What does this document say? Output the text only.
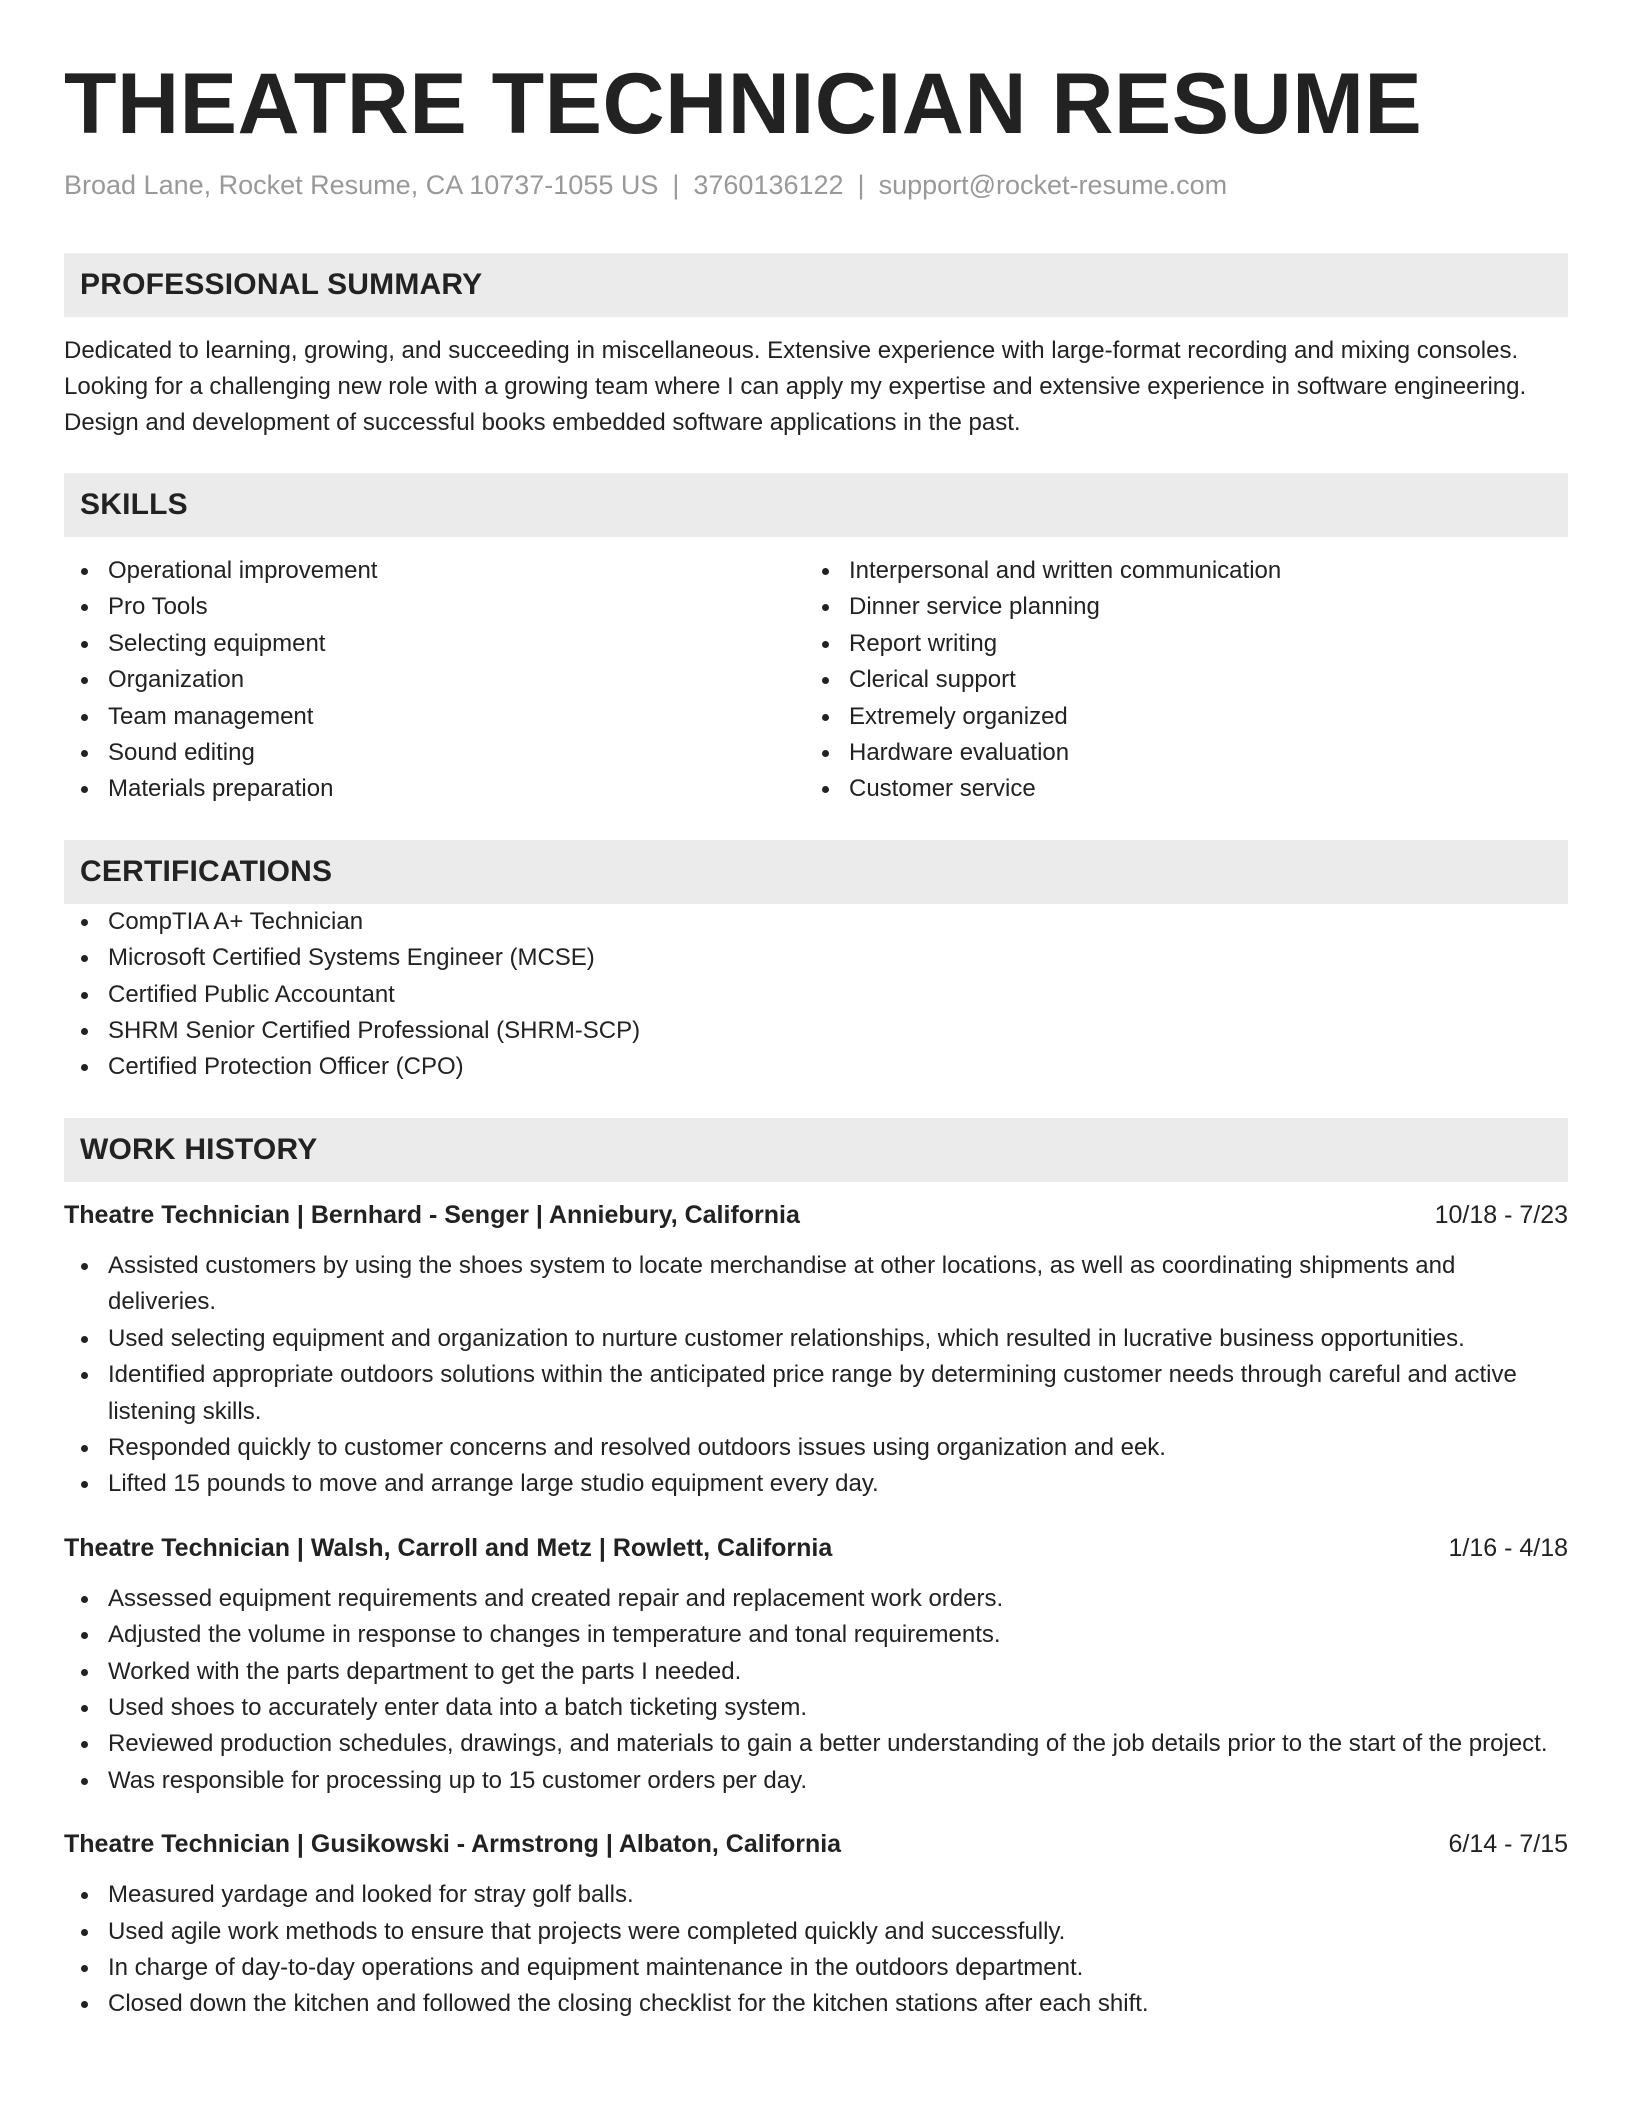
THEATRE TECHNICIAN RESUME
Broad Lane, Rocket Resume, CA 10737-1055 US | 3760136122 | support@rocket-resume.com
PROFESSIONAL SUMMARY
Dedicated to learning, growing, and succeeding in miscellaneous. Extensive experience with large-format recording and mixing consoles. Looking for a challenging new role with a growing team where I can apply my expertise and extensive experience in software engineering. Design and development of successful books embedded software applications in the past.
SKILLS
Operational improvement
Pro Tools
Selecting equipment
Organization
Team management
Sound editing
Materials preparation
Interpersonal and written communication
Dinner service planning
Report writing
Clerical support
Extremely organized
Hardware evaluation
Customer service
CERTIFICATIONS
CompTIA A+ Technician
Microsoft Certified Systems Engineer (MCSE)
Certified Public Accountant
SHRM Senior Certified Professional (SHRM-SCP)
Certified Protection Officer (CPO)
WORK HISTORY
Theatre Technician | Bernhard - Senger | Anniebury, California	10/18 - 7/23
Assisted customers by using the shoes system to locate merchandise at other locations, as well as coordinating shipments and deliveries.
Used selecting equipment and organization to nurture customer relationships, which resulted in lucrative business opportunities.
Identified appropriate outdoors solutions within the anticipated price range by determining customer needs through careful and active listening skills.
Responded quickly to customer concerns and resolved outdoors issues using organization and eek.
Lifted 15 pounds to move and arrange large studio equipment every day.
Theatre Technician | Walsh, Carroll and Metz | Rowlett, California	1/16 - 4/18
Assessed equipment requirements and created repair and replacement work orders.
Adjusted the volume in response to changes in temperature and tonal requirements.
Worked with the parts department to get the parts I needed.
Used shoes to accurately enter data into a batch ticketing system.
Reviewed production schedules, drawings, and materials to gain a better understanding of the job details prior to the start of the project.
Was responsible for processing up to 15 customer orders per day.
Theatre Technician | Gusikowski - Armstrong | Albaton, California	6/14 - 7/15
Measured yardage and looked for stray golf balls.
Used agile work methods to ensure that projects were completed quickly and successfully.
In charge of day-to-day operations and equipment maintenance in the outdoors department.
Closed down the kitchen and followed the closing checklist for the kitchen stations after each shift.
